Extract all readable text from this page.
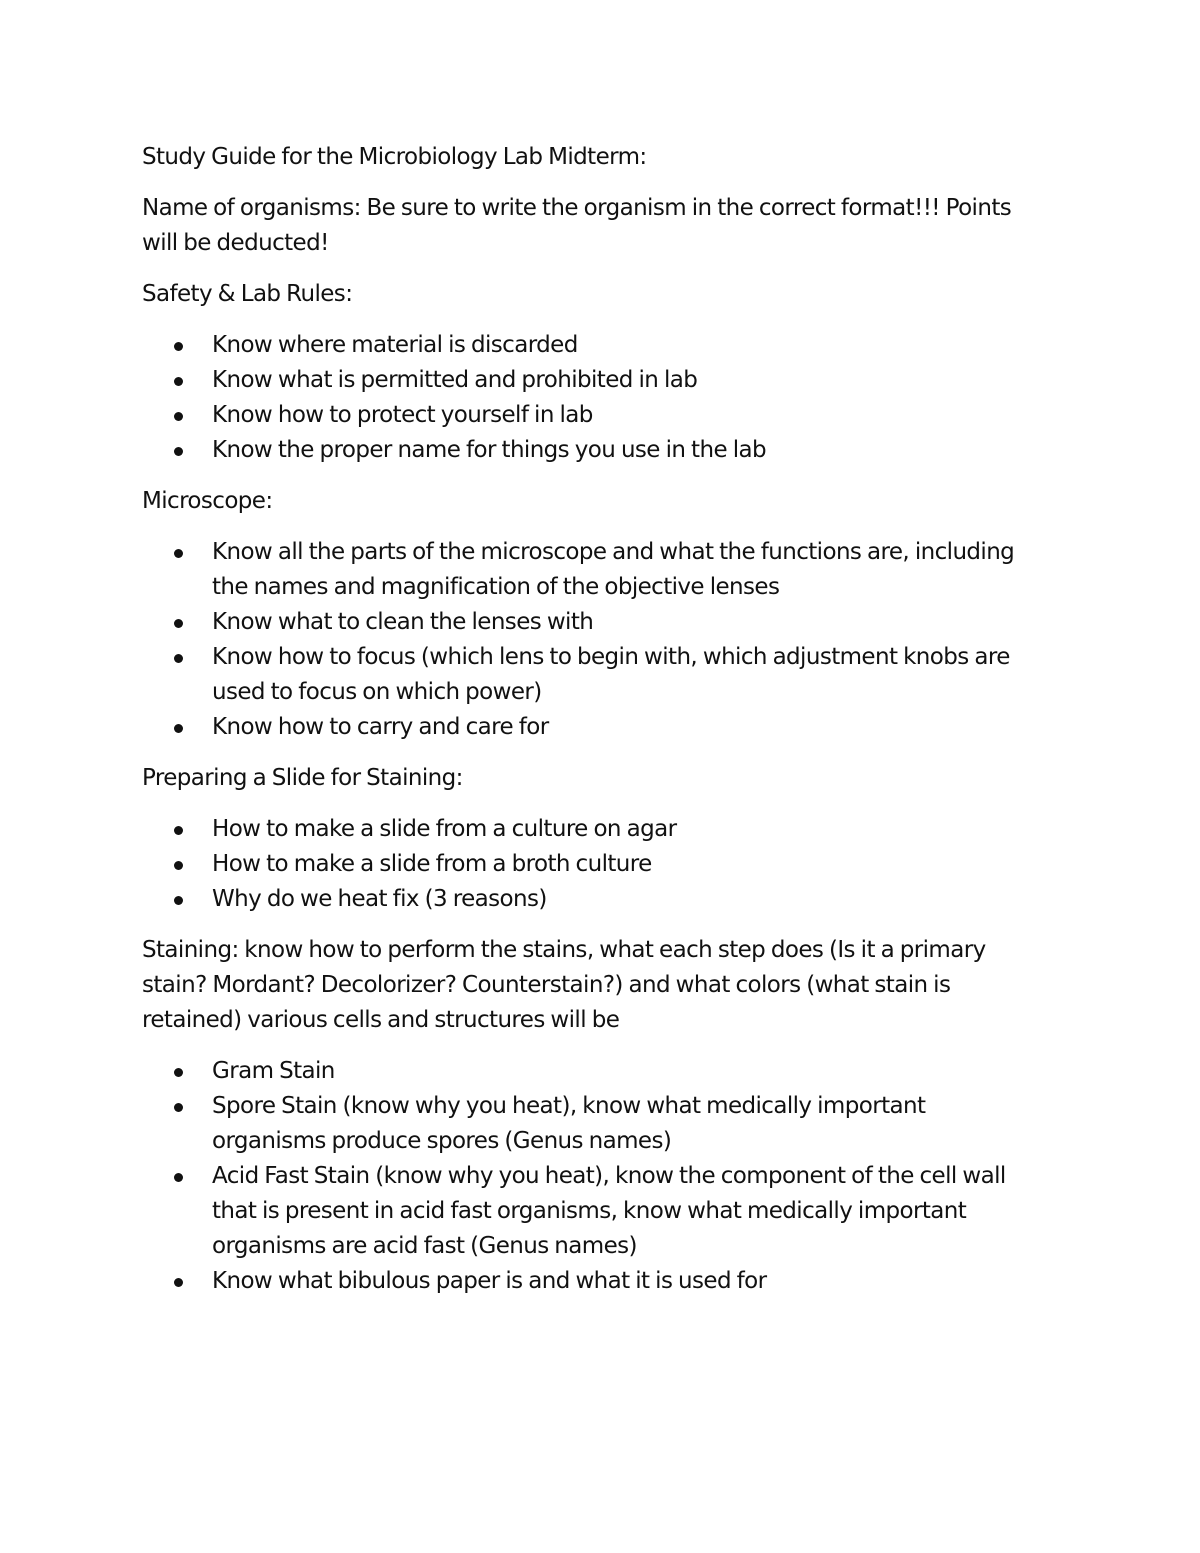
Study Guide for the Microbiology Lab Midterm:

Name of organisms: Be sure to write the organism in the correct format!!! Points will be deducted!

Safety & Lab Rules:

Know where material is discarded
Know what is permitted and prohibited in lab
Know how to protect yourself in lab
Know the proper name for things you use in the lab

Microscope:

Know all the parts of the microscope and what the functions are, including the names and magnification of the objective lenses
Know what to clean the lenses with
Know how to focus (which lens to begin with, which adjustment knobs are used to focus on which power)
Know how to carry and care for

Preparing a Slide for Staining:

How to make a slide from a culture on agar
How to make a slide from a broth culture
Why do we heat fix (3 reasons)

Staining: know how to perform the stains, what each step does (Is it a primary stain? Mordant? Decolorizer? Counterstain?) and what colors (what stain is retained) various cells and structures will be

Gram Stain
Spore Stain (know why you heat), know what medically important organisms produce spores (Genus names)
Acid Fast Stain (know why you heat), know the component of the cell wall that is present in acid fast organisms, know what medically important organisms are acid fast (Genus names)
Know what bibulous paper is and what it is used for
